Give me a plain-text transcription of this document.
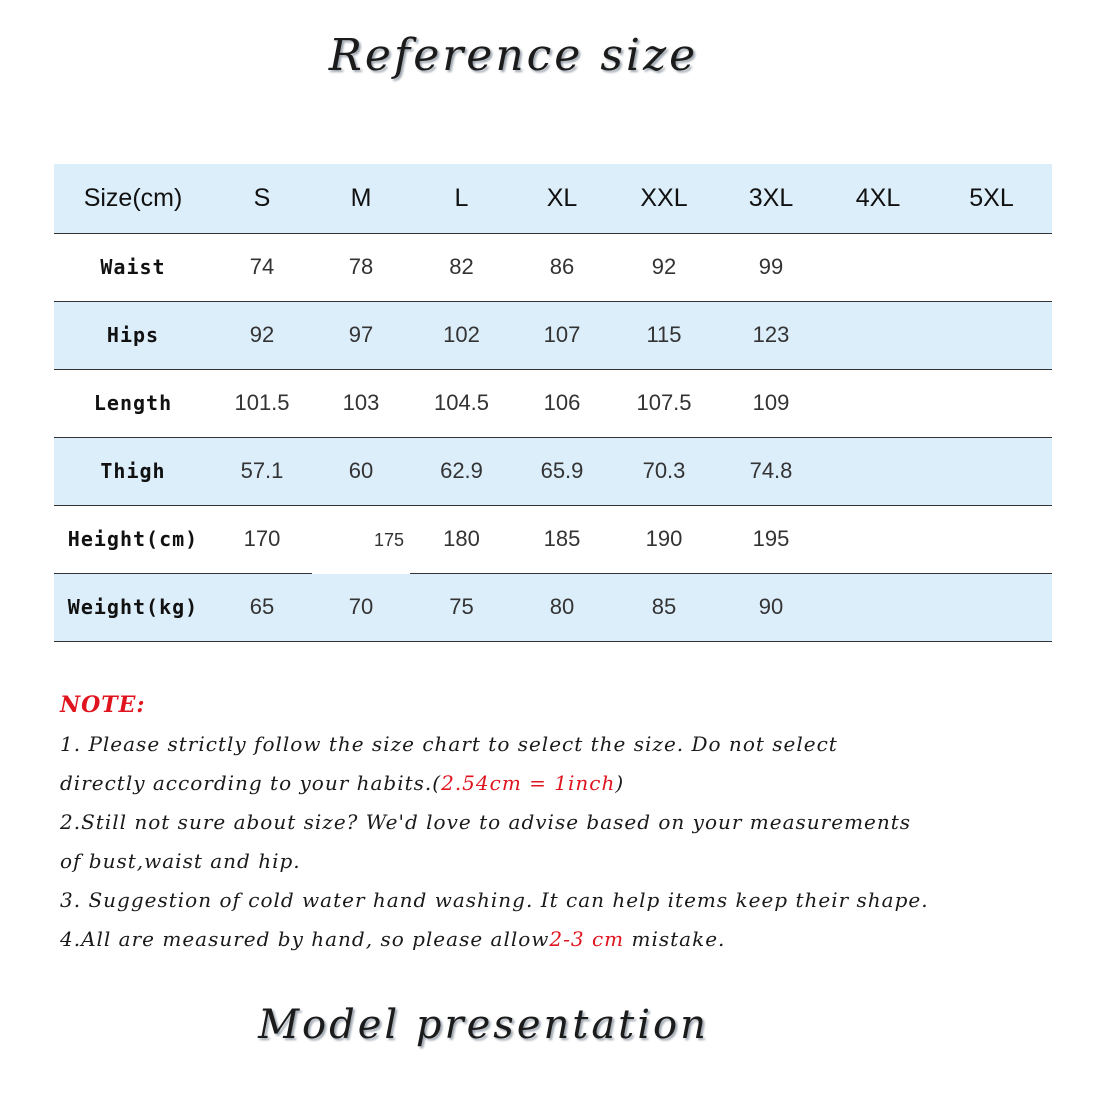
Reference size
Size(cm)	S	M	L	XL	XXL	3XL	4XL	5XL
Waist	74	78	82	86	92	99		
Hips	92	97	102	107	115	123		
Length	101.5	103	104.5	106	107.5	109		
Thigh	57.1	60	62.9	65.9	70.3	74.8		
Height(cm)	170	175	180	185	190	195		
Weight(kg)	65	70	75	80	85	90		
NOTE:
1. Please strictly follow the size chart to select the size. Do not select
directly according to your habits.(2.54cm = 1inch)
2.Still not sure about size? We'd love to advise based on your measurements
of bust,waist and hip.
3. Suggestion of cold water hand washing. It can help items keep their shape.
4.All are measured by hand, so please allow2-3 cm mistake.
Model presentation
